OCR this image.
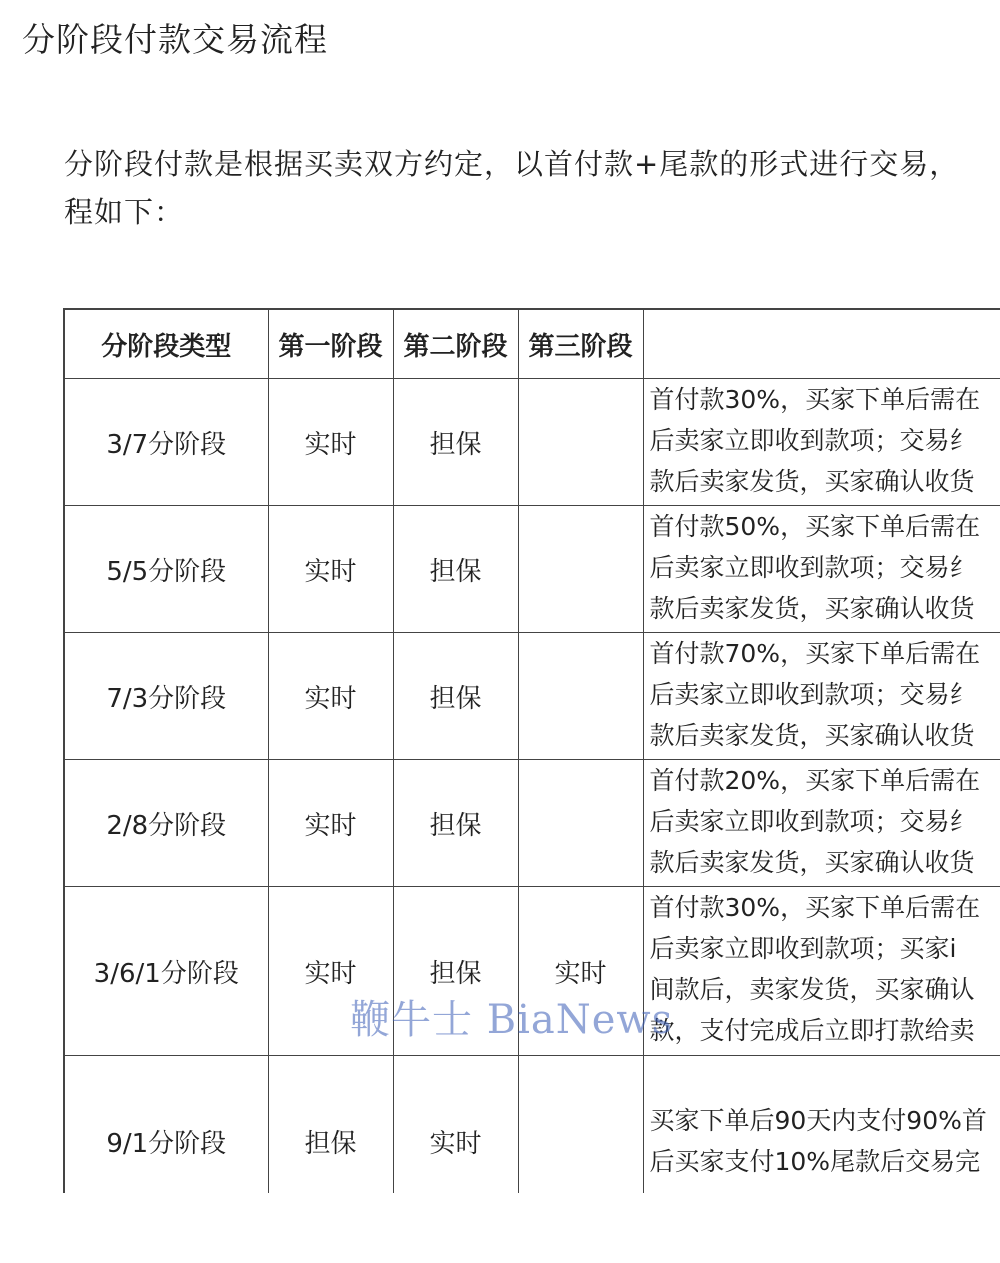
分阶段付款交易流程
分阶段付款是根据买卖双方约定，以首付款+尾款的形式进行交易，
程如下：
分阶段类型	第一阶段	第二阶段	第三阶段	
3/7分阶段	实时	担保		首付款30%，买家下单后需在
后卖家立即收到款项；交易纟
款后卖家发货，买家确认收货

5/5分阶段	实时	担保		首付款50%，买家下单后需在
后卖家立即收到款项；交易纟
款后卖家发货，买家确认收货

7/3分阶段	实时	担保		首付款70%，买家下单后需在
后卖家立即收到款项；交易纟
款后卖家发货，买家确认收货

2/8分阶段	实时	担保		首付款20%，买家下单后需在
后卖家立即收到款项；交易纟
款后卖家发货，买家确认收货

3/6/1分阶段	实时	担保	实时	首付款30%，买家下单后需在
后卖家立即收到款项；买家i
间款后，卖家发货，买家确认
款，支付完成后立即打款给卖

9/1分阶段	担保	实时		买家下单后90天内支付90%首
后买家支付10%尾款后交易完
鞭牛士 BiaNews
